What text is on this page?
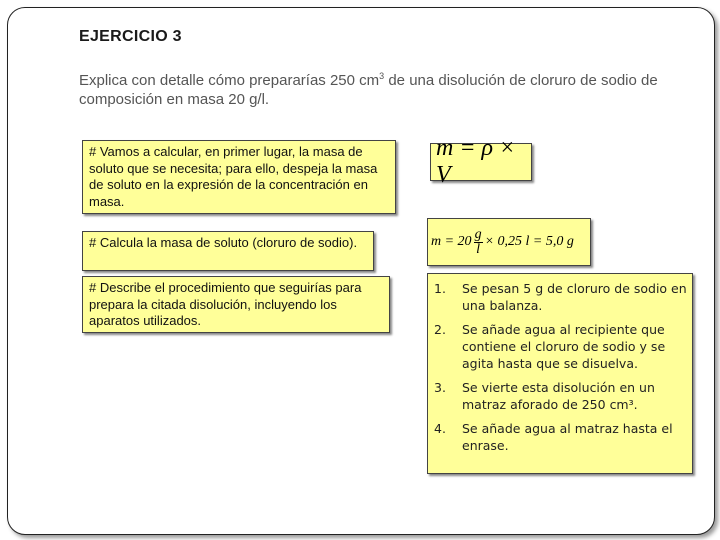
EJERCICIO 3
Explica con detalle cómo prepararías 250 $cm^3$ de una disolución de cloruro de sodio de composición en masa 20 g/l.
# Vamos a calcular, en primer lugar, la masa de soluto que se necesita; para ello, despeja la masa de soluto en la expresión de la concentración en masa.
# Calcula la masa de soluto (cloruro de sodio).
# Describe el procedimiento que seguirías para prepara la citada disolución, incluyendo los aparatos utilizados.
m = ρ × V
$m = 20 \frac{g}{l} \times 0,25$ l = 5,0 g
1.	Se pesan 5 g de cloruro de sodio en una balanza.
2.	Se añade agua al recipiente que contiene el cloruro de sodio y se agita hasta que se disuelva.
3.	Se vierte esta disolución en un matraz aforado de 250 cm³.
4.	Se añade agua al matraz hasta el enrase.
